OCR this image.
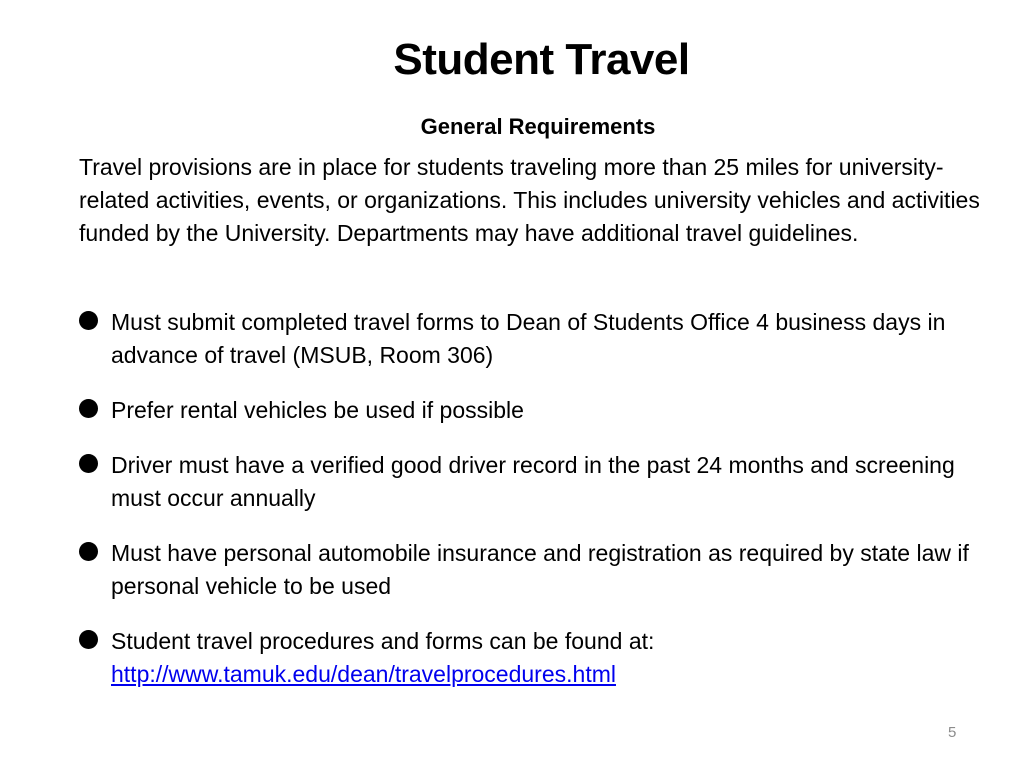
Student Travel
General Requirements

Travel provisions are in place for students traveling more than 25 miles for university-related activities, events, or organizations. This includes university vehicles and activities funded by the University. Departments may have additional travel guidelines.

Must submit completed travel forms to Dean of Students Office 4 business days in advance of travel (MSUB, Room 306)
Prefer rental vehicles be used if possible
Driver must have a verified good driver record in the past 24 months and screening must occur annually
Must have personal automobile insurance and registration as required by state law if personal vehicle to be used
Student travel procedures and forms can be found at:
http://www.tamuk.edu/dean/travelprocedures.html
5
